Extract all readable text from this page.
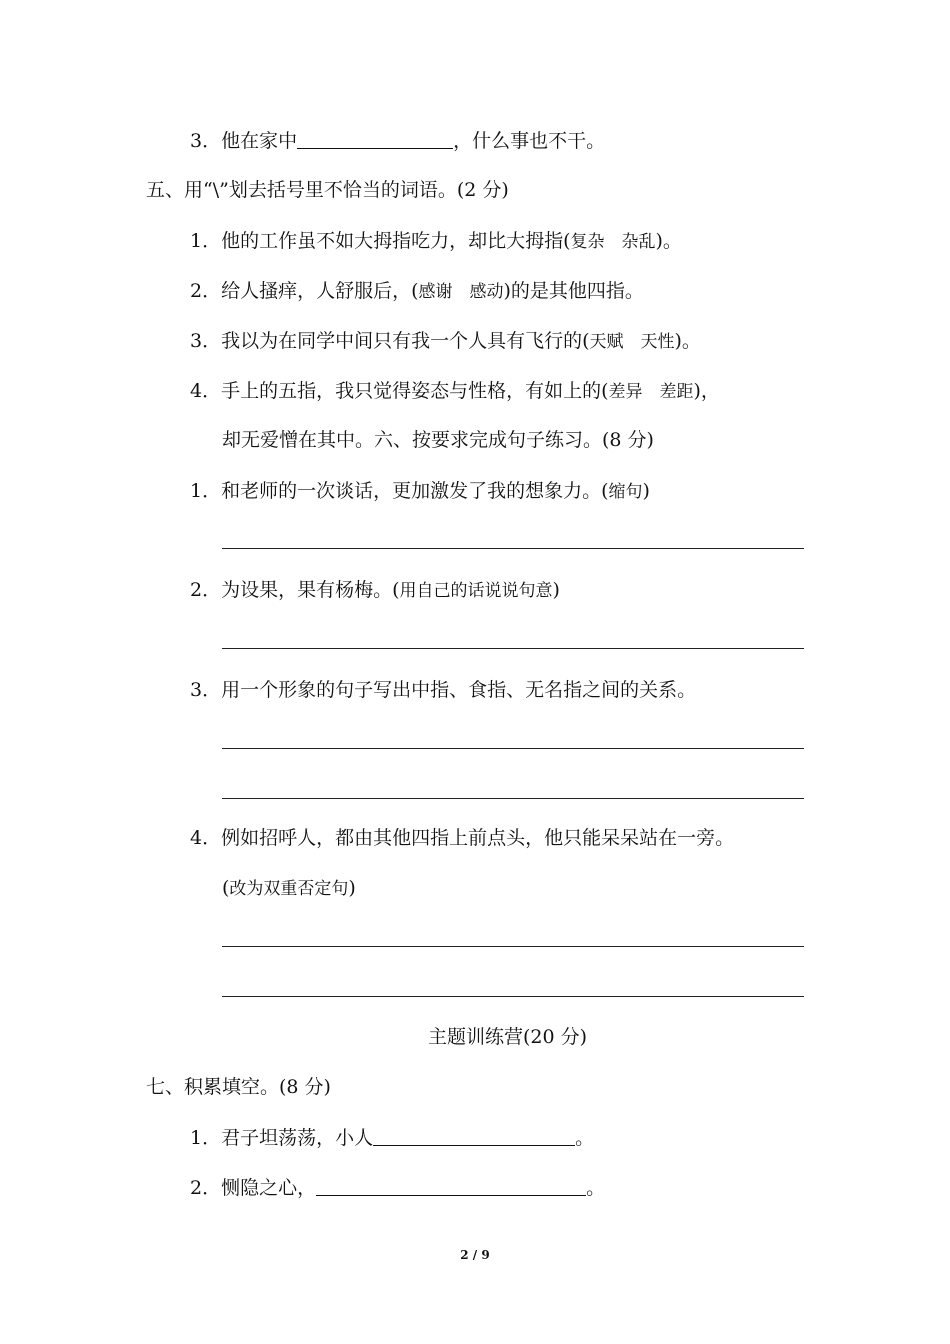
3．他在家中	，什么事也不干。
五、用“\”划去括号里不恰当的词语。(2 分)
1．他的工作虽不如大拇指吃力，却比大拇指(复杂　杂乱)。
2．给人搔痒，人舒服后，(感谢　感动)的是其他四指。
3．我以为在同学中间只有我一个人具有飞行的(天赋　天性)。
4．手上的五指，我只觉得姿态与性格，有如上的(差异　差距)，
却无爱憎在其中。六、按要求完成句子练习。(8 分)
1．和老师的一次谈话，更加激发了我的想象力。(缩句)
2．为设果，果有杨梅。(用自己的话说说句意)
3．用一个形象的句子写出中指、食指、无名指之间的关系。
4．例如招呼人，都由其他四指上前点头，他只能呆呆站在一旁。
(改为双重否定句)
主题训练营(20 分)
七、积累填空。(8 分)
1．君子坦荡荡，小人	。
2．恻隐之心，	。
2 / 9
